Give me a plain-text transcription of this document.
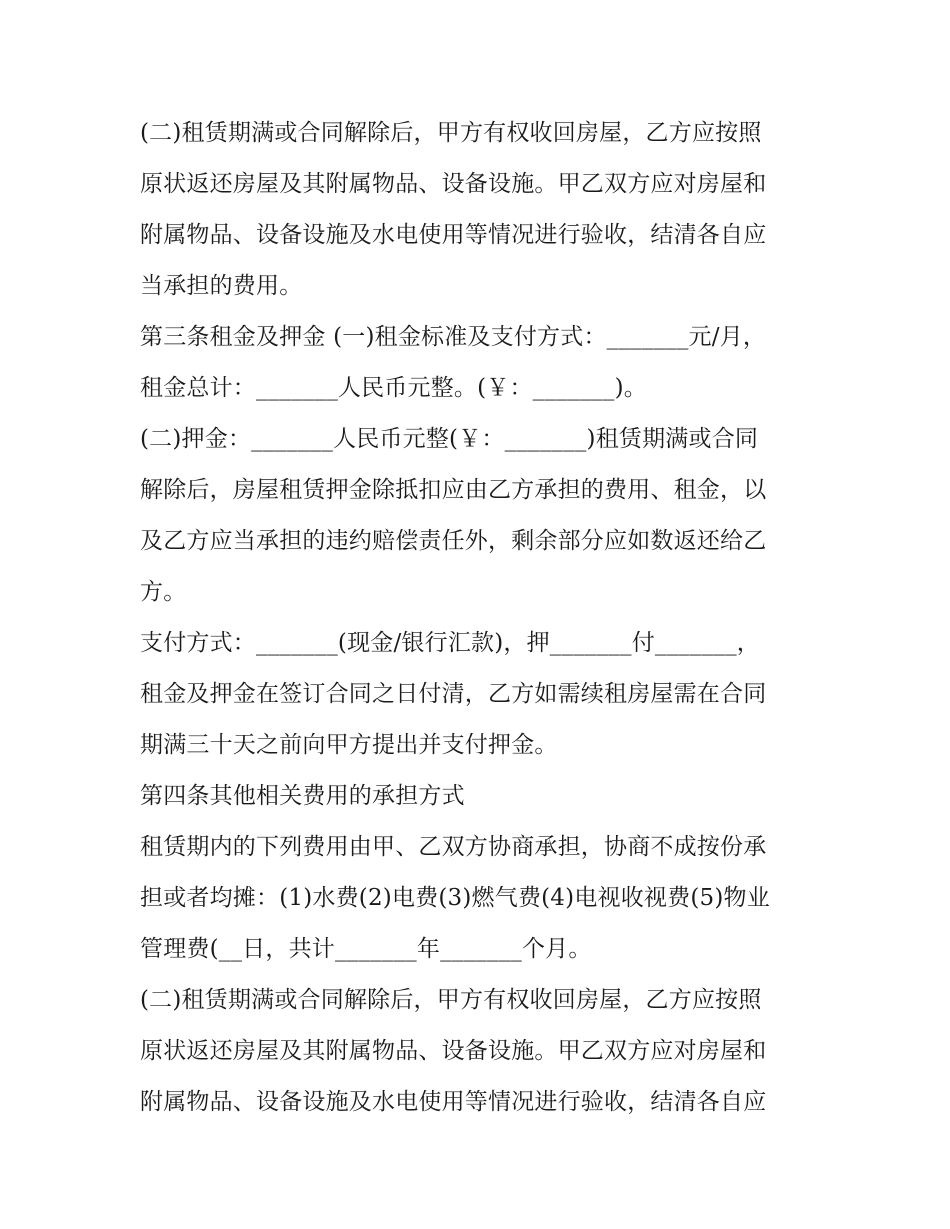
(二)租赁期满或合同解除后，甲方有权收回房屋，乙方应按照
原状返还房屋及其附属物品、设备设施。甲乙双方应对房屋和
附属物品、设备设施及水电使用等情况进行验收，结清各自应
当承担的费用。
第三条租金及押金 (一)租金标准及支付方式：_______元/月，
租金总计：_______人民币元整。(￥：_______)。
(二)押金：_______人民币元整(￥：_______)租赁期满或合同
解除后，房屋租赁押金除抵扣应由乙方承担的费用、租金，以
及乙方应当承担的违约赔偿责任外，剩余部分应如数返还给乙
方。
支付方式：_______(现金/银行汇款)，押_______付_______，
租金及押金在签订合同之日付清，乙方如需续租房屋需在合同
期满三十天之前向甲方提出并支付押金。
第四条其他相关费用的承担方式
租赁期内的下列费用由甲、乙双方协商承担，协商不成按份承
担或者均摊：(1)水费(2)电费(3)燃气费(4)电视收视费(5)物业
管理费(__日，共计_______年_______个月。
(二)租赁期满或合同解除后，甲方有权收回房屋，乙方应按照
原状返还房屋及其附属物品、设备设施。甲乙双方应对房屋和
附属物品、设备设施及水电使用等情况进行验收，结清各自应
